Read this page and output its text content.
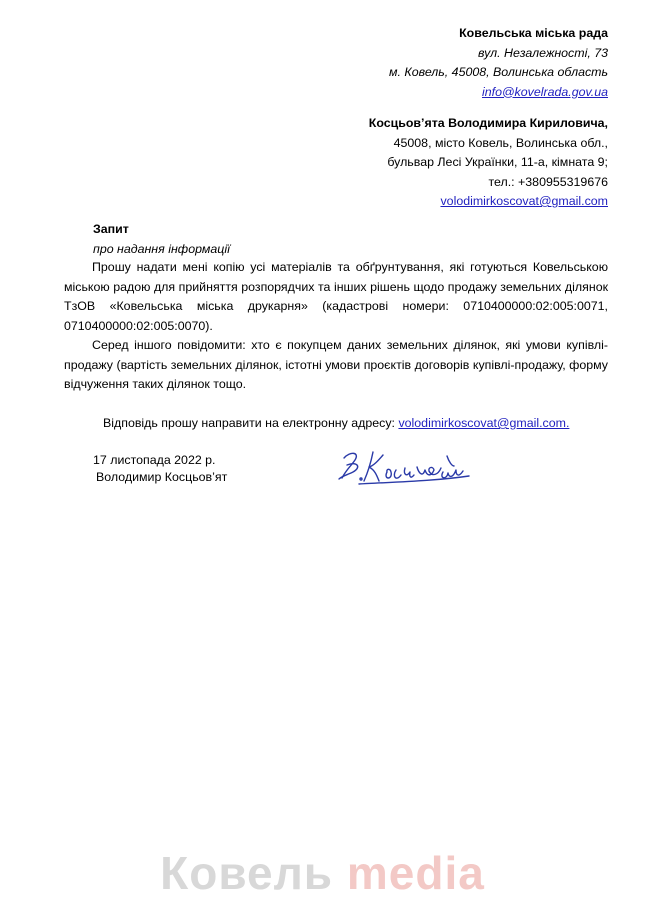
Ковельська міська рада
вул. Незалежності, 73
м. Ковель, 45008, Волинська область
info@kovelrada.gov.ua
Косцьов’ята Володимира Кириловича,
45008, місто Ковель, Волинська обл.,
бульвар Лесі Українки, 11-а, кімната 9;
тел.: +380955319676
volodimirkoscovat@gmail.com
Запит
про надання інформації

Прошу надати мені копію усі матеріалів та обґрунтування, які готуються Ковельською міською радою для прийняття розпорядчих та інших рішень щодо продажу земельних ділянок ТзОВ «Ковельська міська друкарня» (кадастрові номери: 0710400000:02:005:0071, 0710400000:02:005:0070).

Серед іншого повідомити: хто є покупцем даних земельних ділянок, які умови купівлі-продажу (вартість земельних ділянок, істотні умови проєктів договорів купівлі-продажу, форму відчуження таких ділянок тощо.

Відповідь прошу направити на електронну адресу: volodimirkoscovat@gmail.com.
17 листопада 2022 р.
Володимир Косцьов’ят
Ковель media
